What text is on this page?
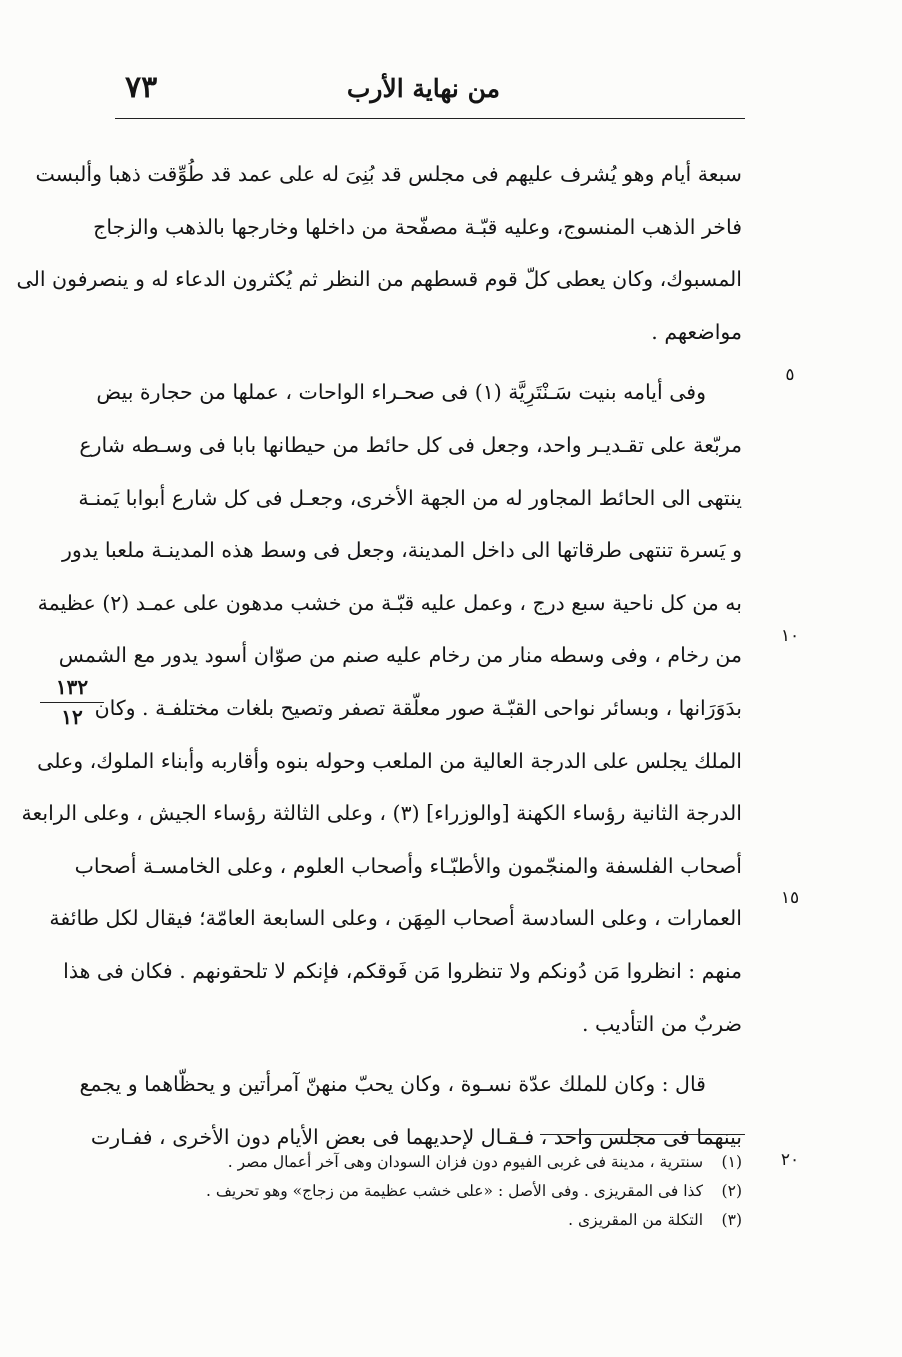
٧٣	من نهاية الأرب
سبعة أيام وهو يُشرف عليهم فى مجلس قد بُنِىَ له على عمد قد طُوِّقت ذهبا وألبست
فاخر الذهب المنسوج، وعليه قبّـة مصفّحة من داخلها وخارجها بالذهب والزجاج
المسبوك، وكان يعطى كلّ قوم قسطهم من النظر ثم يُكثرون الدعاء له و ينصرفون الى
مواضعهم .
وفى أيامه بنيت سَـنْتَرِيَّة (١) فى صحـراء الواحات ، عملها من حجارة بيض
مربّعة على تقـديـر واحد، وجعل فى كل حائط من حيطانها بابا فى وسـطه شارع
ينتهى الى الحائط المجاور له من الجهة الأخرى، وجعـل فى كل شارع أبوابا يَمنـة
و يَسرة تنتهى طرقاتها الى داخل المدينة، وجعل فى وسط هذه المدينـة ملعبا يدور
به من كل ناحية سبع درج ، وعمل عليه قبّـة من خشب مدهون على عمـد (٢) عظيمة
من رخام ، وفى وسطه منار من رخام عليه صنم من صوّان أسود يدور مع الشمس
بدَوَرَانها ، وبسائر نواحى القبّـة صور معلّقة تصفر وتصيح بلغات مختلفـة . وكان
الملك يجلس على الدرجة العالية من الملعب وحوله بنوه وأقاربه وأبناء الملوك، وعلى
الدرجة الثانية رؤساء الكهنة [والوزراء] (٣) ، وعلى الثالثة رؤساء الجيش ، وعلى الرابعة
أصحاب الفلسفة والمنجّمون والأطبّـاء وأصحاب العلوم ، وعلى الخامسـة أصحاب
العمارات ، وعلى السادسة أصحاب المِهَن ، وعلى السابعة العامّة؛ فيقال لكل طائفة
منهم : انظروا مَن دُونكم ولا تنظروا مَن فَوقكم، فإنكم لا تلحقونهم . فكان فى هذا
ضربٌ من التأديب .
قال : وكان للملك عدّة نسـوة ، وكان يحبّ منهنّ آمرأتين و يحظّاهما و يجمع
بينهما فى مجلس واحد ، فـقـال لإحديهما فى بعض الأيام دون الأخرى ، ففـارت
٥
١٠
١٥
٢٠
١٣٢
١٢
(١) سنترية ، مدينة فى غربى الفيوم دون فزان السودان وهى آخر أعمال مصر .
(٢) كذا فى المقريزى . وفى الأصل : «على خشب عظيمة من زجاج» وهو تحريف .
(٣) التكلة من المقريزى .
